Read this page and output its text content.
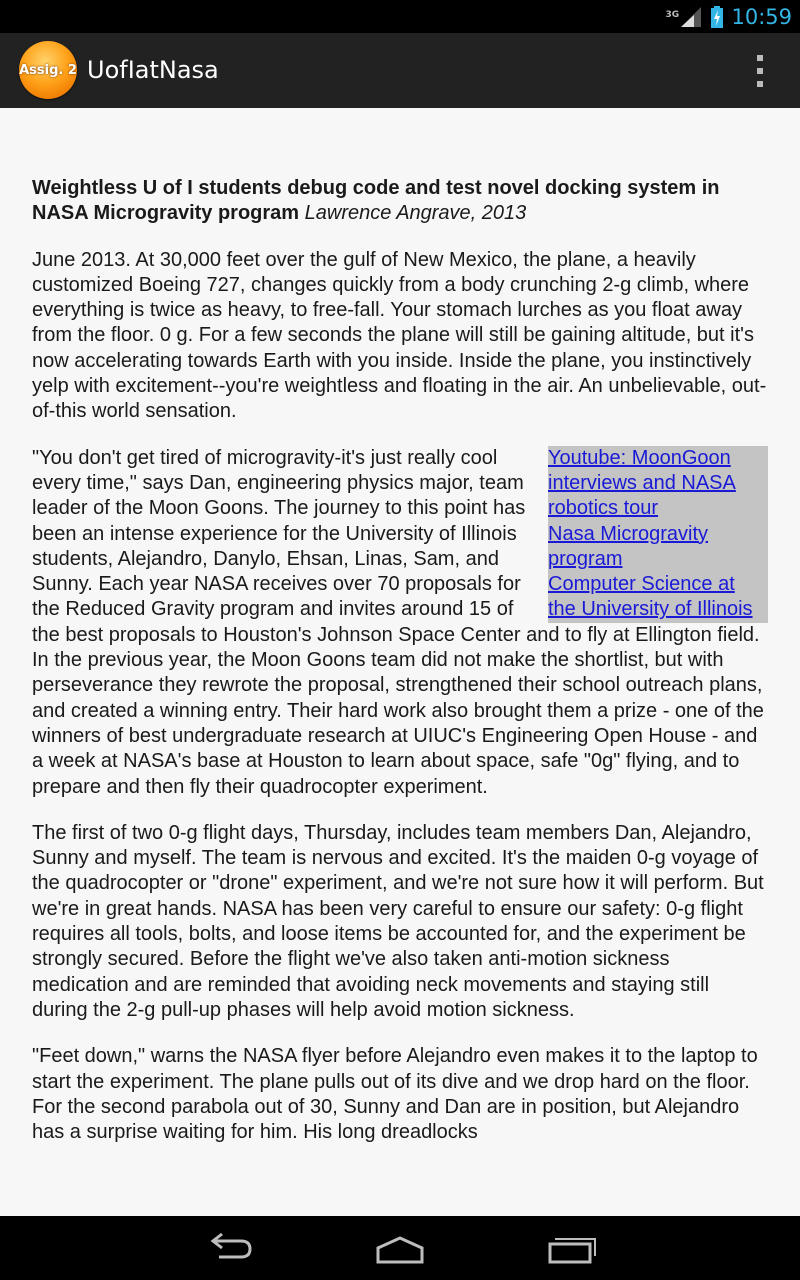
3G 10:59
Assig. 2 UofIatNasa

Weightless U of I students debug code and test novel docking system in NASA Microgravity program Lawrence Angrave, 2013

June 2013. At 30,000 feet over the gulf of New Mexico, the plane, a heavily customized Boeing 727, changes quickly from a body crunching 2-g climb, where everything is twice as heavy, to free-fall. Your stomach lurches as you float away from the floor. 0 g. For a few seconds the plane will still be gaining altitude, but it's now accelerating towards Earth with you inside. Inside the plane, you instinctively yelp with excitement--you're weightless and floating in the air. An unbelievable, out-of-this world sensation.

Youtube: MoonGoon interviews and NASA robotics tour
Nasa Microgravity program
Computer Science at the University of Illinois

"You don't get tired of microgravity-it's just really cool every time," says Dan, engineering physics major, team leader of the Moon Goons. The journey to this point has been an intense experience for the University of Illinois students, Alejandro, Danylo, Ehsan, Linas, Sam, and Sunny. Each year NASA receives over 70 proposals for the Reduced Gravity program and invites around 15 of the best proposals to Houston's Johnson Space Center and to fly at Ellington field. In the previous year, the Moon Goons team did not make the shortlist, but with perseverance they rewrote the proposal, strengthened their school outreach plans, and created a winning entry. Their hard work also brought them a prize - one of the winners of best undergraduate research at UIUC's Engineering Open House - and a week at NASA's base at Houston to learn about space, safe "0g" flying, and to prepare and then fly their quadrocopter experiment.

The first of two 0-g flight days, Thursday, includes team members Dan, Alejandro, Sunny and myself. The team is nervous and excited. It's the maiden 0-g voyage of the quadrocopter or "drone" experiment, and we're not sure how it will perform. But we're in great hands. NASA has been very careful to ensure our safety: 0-g flight requires all tools, bolts, and loose items be accounted for, and the experiment be strongly secured. Before the flight we've also taken anti-motion sickness medication and are reminded that avoiding neck movements and staying still during the 2-g pull-up phases will help avoid motion sickness.

"Feet down," warns the NASA flyer before Alejandro even makes it to the laptop to start the experiment. The plane pulls out of its dive and we drop hard on the floor. For the second parabola out of 30, Sunny and Dan are in position, but Alejandro has a surprise waiting for him. His long dreadlocks
